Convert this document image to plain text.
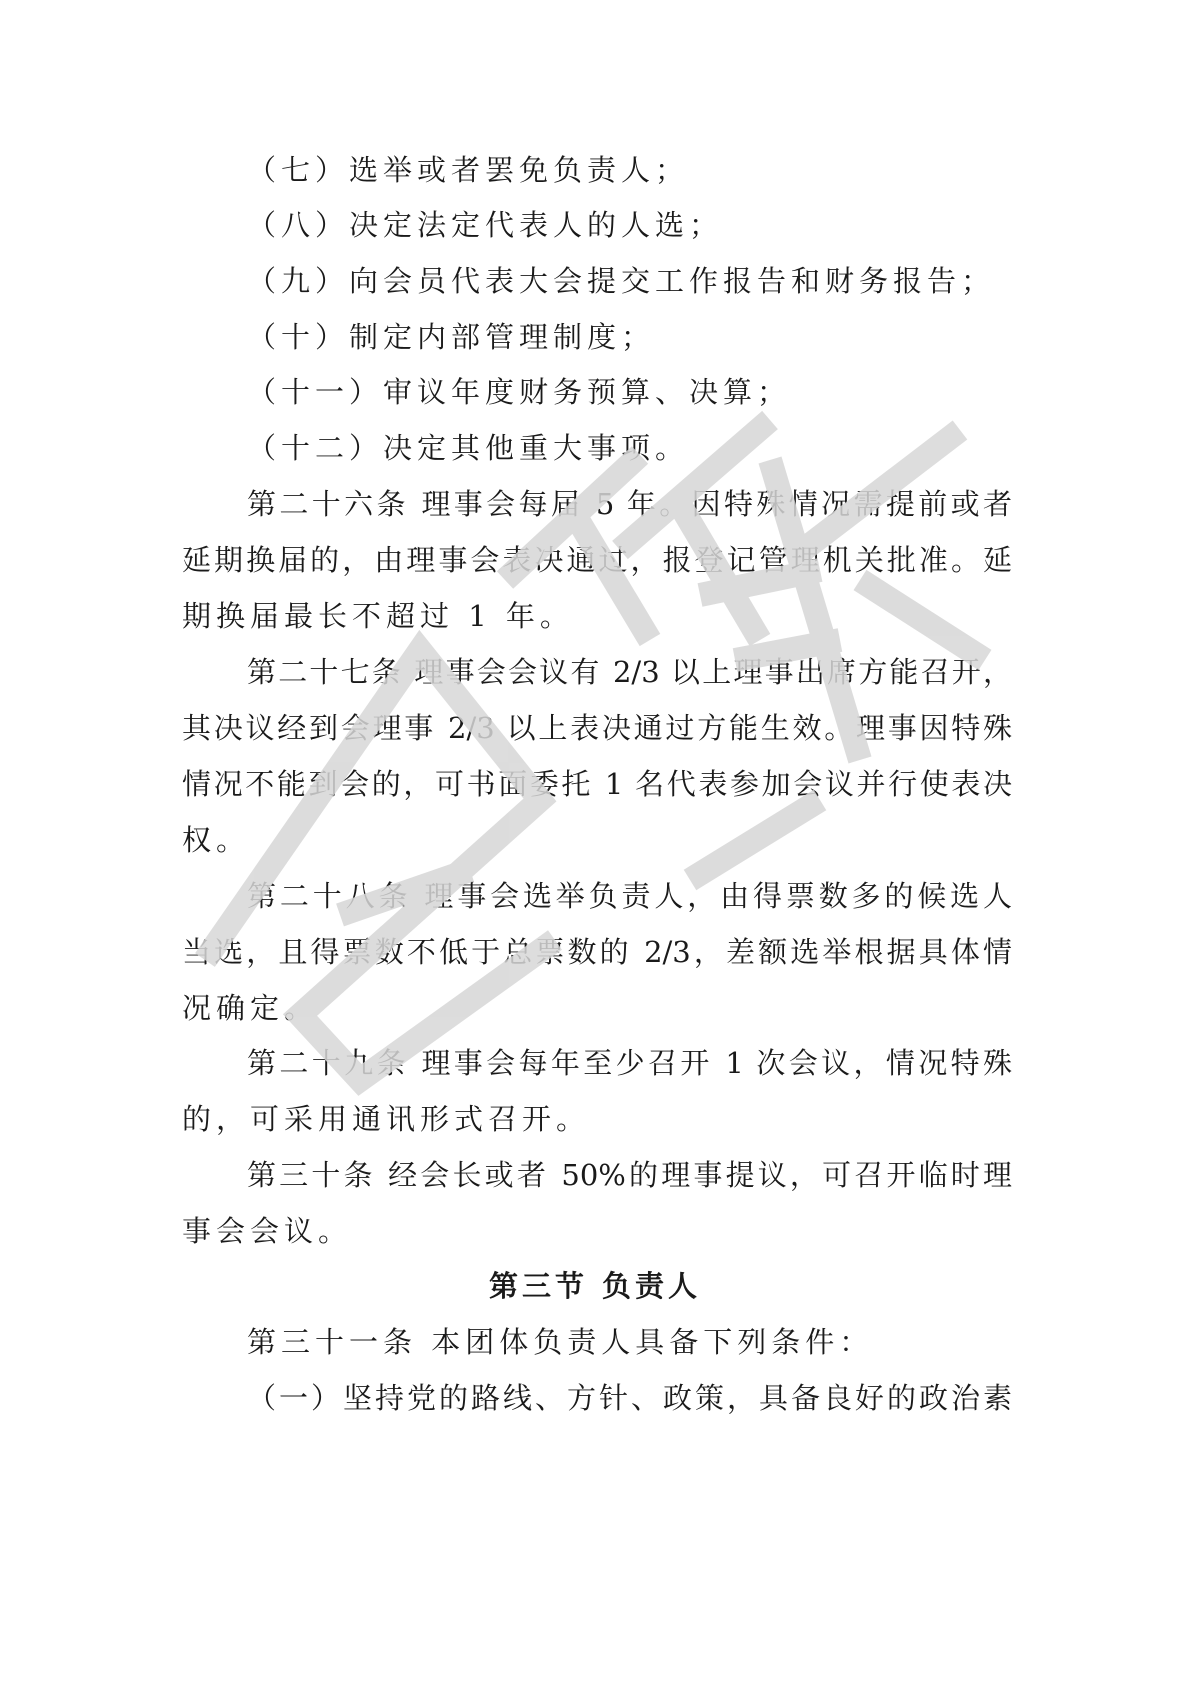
（七）选举或者罢免负责人；

（八）决定法定代表人的人选；

（九）向会员代表大会提交工作报告和财务报告；

（十）制定内部管理制度；

（十一）审议年度财务预算、决算；

（十二）决定其他重大事项。

第二十六条 理事会每届 5 年。因特殊情况需提前或者

延期换届的，由理事会表决通过，报登记管理机关批准。延

期换届最长不超过 1 年。

第二十七条 理事会会议有 2/3 以上理事出席方能召开，

其决议经到会理事 2/3 以上表决通过方能生效。理事因特殊

情况不能到会的，可书面委托 1 名代表参加会议并行使表决

权。

第二十八条 理事会选举负责人，由得票数多的候选人

当选，且得票数不低于总票数的 2/3，差额选举根据具体情

况确定。

第二十九条 理事会每年至少召开 1 次会议，情况特殊

的，可采用通讯形式召开。

第三十条 经会长或者 50%的理事提议，可召开临时理

事会会议。

第三节 负责人

第三十一条 本团体负责人具备下列条件：

（一）坚持党的路线、方针、政策，具备良好的政治素
